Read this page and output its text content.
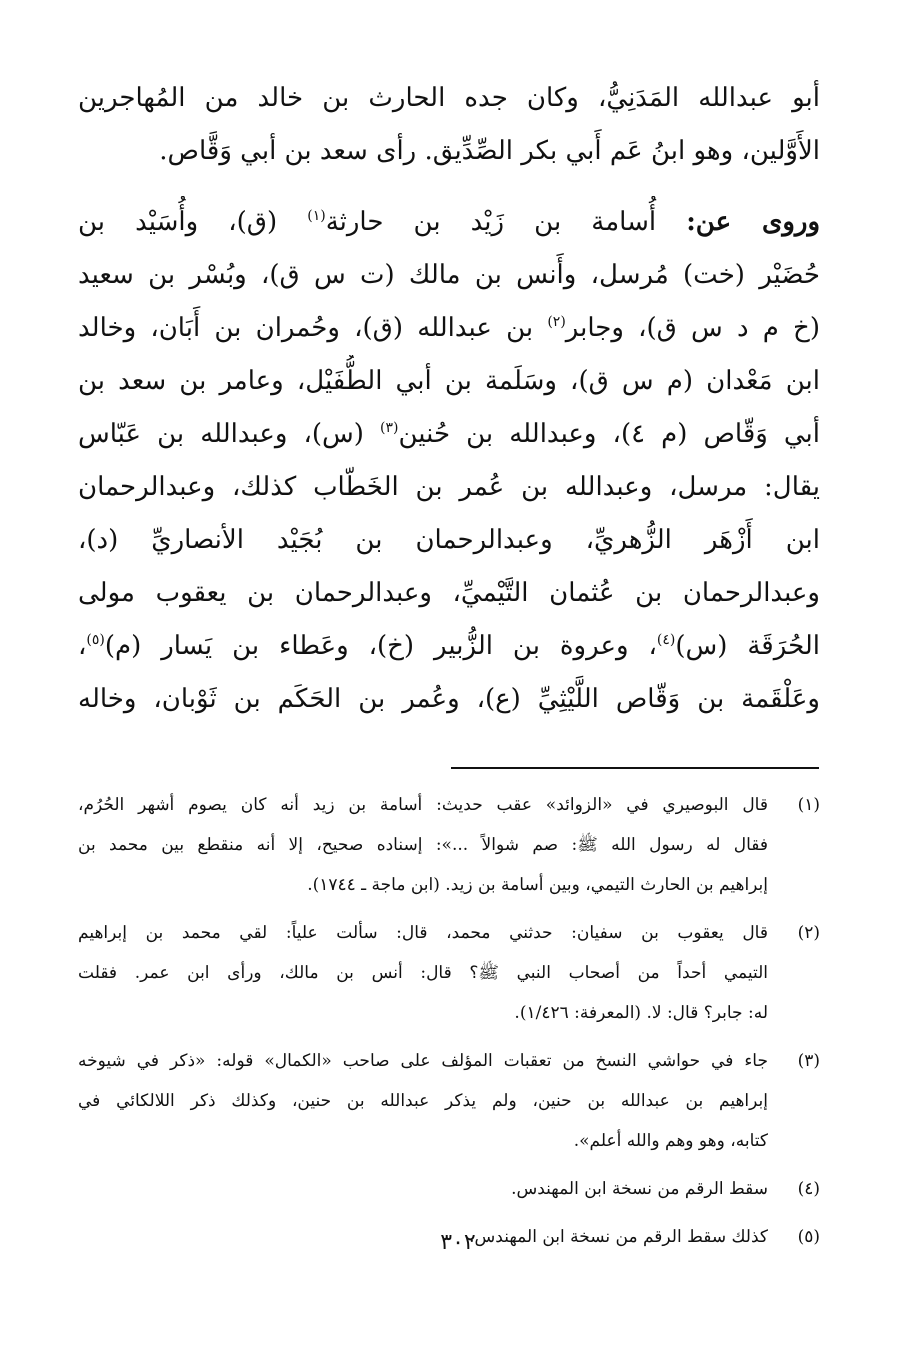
أبو عبدالله المَدَنِيُّ، وكان جده الحارث بن خالد من المُهاجرين
الأَوَّلين، وهو ابنُ عَم أَبي بكر الصِّدِّيق. رأى سعد بن أبي وَقَّاص.
وروى عن: أُسامة بن زَيْد بن حارثة$^{(١)}$ (ق)، وأُسَيْد بن
حُضَيْر (خت) مُرسل، وأَنس بن مالك (ت س ق)، وبُسْر بن سعيد
(خ م د س ق)، وجابر$^{(٢)}$ بن عبدالله (ق)، وحُمران بن أَبَان، وخالد
ابن مَعْدان (م س ق)، وسَلَمة بن أبي الطُّفَيْل، وعامر بن سعد بن
أبي وَقّاص (م ٤)، وعبدالله بن حُنين$^{(٣)}$ (س)، وعبدالله بن عَبّاس
يقال: مرسل، وعبدالله بن عُمر بن الخَطّاب كذلك، وعبدالرحمان
ابن أَزْهَر الزُّهريِّ، وعبدالرحمان بن بُجَيْد الأنصاريِّ (د)،
وعبدالرحمان بن عُثمان التَّيْميِّ، وعبدالرحمان بن يعقوب مولى
الحُرَقَة (س)$^{(٤)}$، وعروة بن الزُّبير (خ)، وعَطاء بن يَسار (م)$^{(٥)}$،
وعَلْقَمة بن وَقّاص اللَّيْثِيِّ (ع)، وعُمر بن الحَكَم بن ثَوْبان، وخاله
(١)
قال البوصيري في «الزوائد» عقب حديث: أسامة بن زيد أنه كان يصوم أشهر الحُرُم،
فقال له رسول الله ﷺ: صم شوالاً ...»: إسناده صحيح، إلا أنه منقطع بين محمد بن
إبراهيم بن الحارث التيمي، وبين أسامة بن زيد. (ابن ماجة ـ ١٧٤٤).
(٢)
قال يعقوب بن سفيان: حدثني محمد، قال: سألت علياً: لقي محمد بن إبراهيم
التيمي أحداً من أصحاب النبي ﷺ؟ قال: أنس بن مالك، ورأى ابن عمر. فقلت
له: جابر؟ قال: لا. (المعرفة: ١/٤٢٦).
(٣)
جاء في حواشي النسخ من تعقبات المؤلف على صاحب «الكمال» قوله: «ذكر في شيوخه
إبراهيم بن عبدالله بن حنين، ولم يذكر عبدالله بن حنين، وكذلك ذكر اللالكائي في
كتابه، وهو وهم والله أعلم».
(٤)
سقط الرقم من نسخة ابن المهندس.
(٥)
كذلك سقط الرقم من نسخة ابن المهندس.
٣٠٢
